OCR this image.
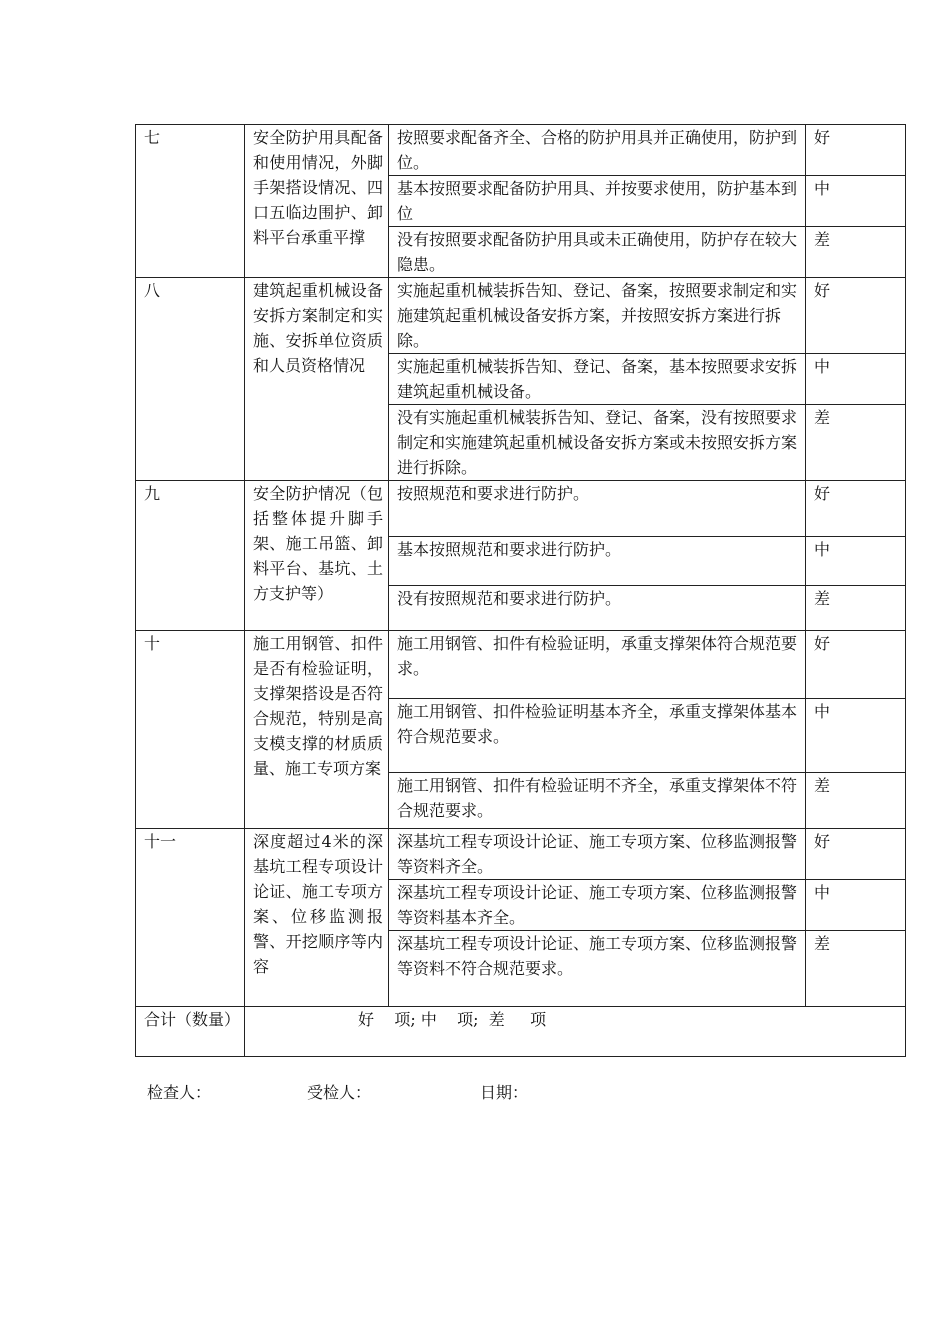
七	安全防护用具配备和使用情况，外脚手架搭设情况、四口五临边围护、卸料平台承重平撑	按照要求配备齐全、合格的防护用具并正确使用，防护到位。	好
		基本按照要求配备防护用具、并按要求使用，防护基本到位	中
		没有按照要求配备防护用具或未正确使用，防护存在较大隐患。	差
八	建筑起重机械设备安拆方案制定和实施、安拆单位资质和人员资格情况	实施起重机械装拆告知、登记、备案，按照要求制定和实施建筑起重机械设备安拆方案，并按照安拆方案进行拆除。	好
		实施起重机械装拆告知、登记、备案，基本按照要求安拆建筑起重机械设备。	中
		没有实施起重机械装拆告知、登记、备案，没有按照要求制定和实施建筑起重机械设备安拆方案或未按照安拆方案进行拆除。	差
九	安全防护情况（包括整体提升脚手架、施工吊篮、卸料平台、基坑、土方支护等）	按照规范和要求进行防护。	好
		基本按照规范和要求进行防护。	中
		没有按照规范和要求进行防护。	差
十	施工用钢管、扣件是否有检验证明，支撑架搭设是否符合规范，特别是高支模支撑的材质质量、施工专项方案	施工用钢管、扣件有检验证明，承重支撑架体符合规范要求。	好
		施工用钢管、扣件检验证明基本齐全，承重支撑架体基本符合规范要求。	中
		施工用钢管、扣件有检验证明不齐全，承重支撑架体不符合规范要求。	差
十一	深度超过4米的深基坑工程专项设计论证、施工专项方案、位移监测报警、开挖顺序等内容	深基坑工程专项设计论证、施工专项方案、位移监测报警等资料齐全。	好
		深基坑工程专项设计论证、施工专项方案、位移监测报警等资料基本齐全。	中
		深基坑工程专项设计论证、施工专项方案、位移监测报警等资料不符合规范要求。	差
合计（数量）	好    项; 中    项;  差     项		
检查人：	受检人：	日期：
